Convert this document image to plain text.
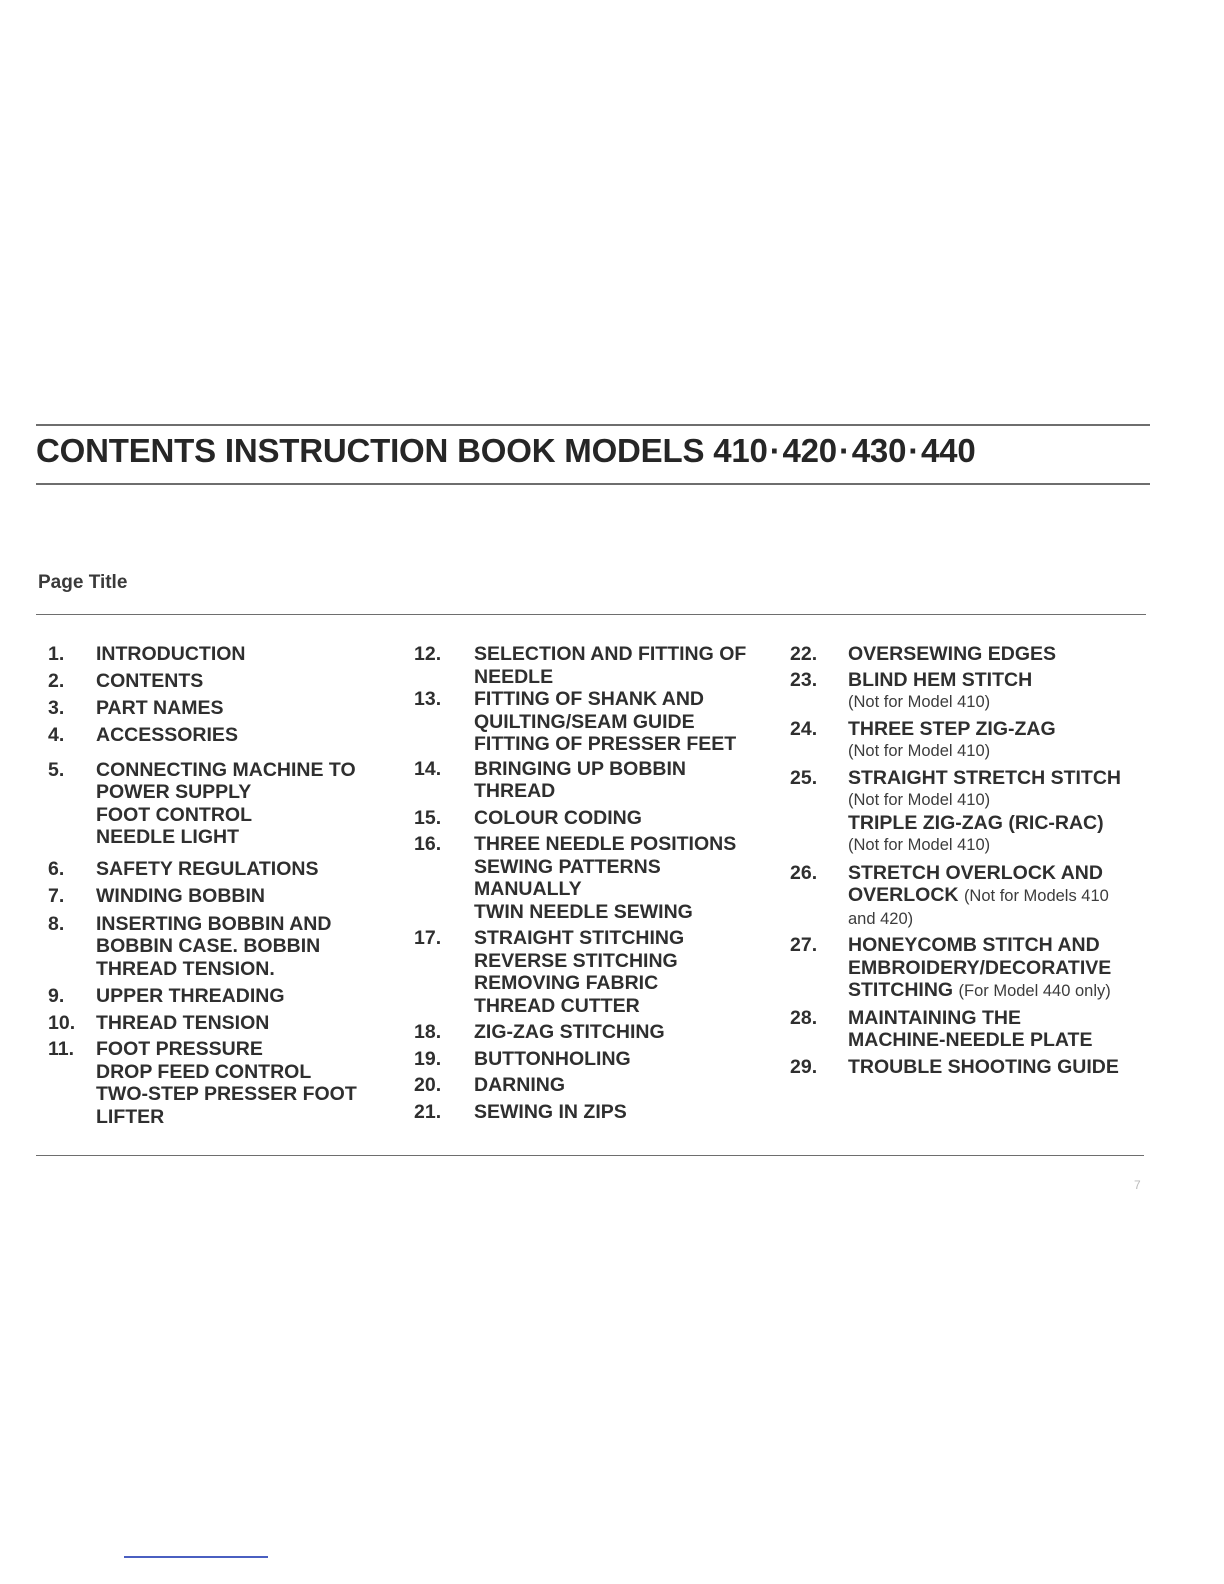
CONTENTS INSTRUCTION BOOK MODELS 410·420·430·440
Page Title
1. INTRODUCTION
2. CONTENTS
3. PART NAMES
4. ACCESSORIES
5. CONNECTING MACHINE TO
POWER SUPPLY
FOOT CONTROL
NEEDLE LIGHT
6. SAFETY REGULATIONS
7. WINDING BOBBIN
8. INSERTING BOBBIN AND
BOBBIN CASE. BOBBIN
THREAD TENSION.
9. UPPER THREADING
10. THREAD TENSION
11. FOOT PRESSURE
DROP FEED CONTROL
TWO-STEP PRESSER FOOT
LIFTER
12. SELECTION AND FITTING OF
NEEDLE
13. FITTING OF SHANK AND
QUILTING/SEAM GUIDE
FITTING OF PRESSER FEET
14. BRINGING UP BOBBIN
THREAD
15. COLOUR CODING
16. THREE NEEDLE POSITIONS
SEWING PATTERNS
MANUALLY
TWIN NEEDLE SEWING
17. STRAIGHT STITCHING
REVERSE STITCHING
REMOVING FABRIC
THREAD CUTTER
18. ZIG-ZAG STITCHING
19. BUTTONHOLING
20. DARNING
21. SEWING IN ZIPS
22. OVERSEWING EDGES
23. BLIND HEM STITCH
(Not for Model 410)
24. THREE STEP ZIG-ZAG
(Not for Model 410)
25. STRAIGHT STRETCH STITCH
(Not for Model 410)
TRIPLE ZIG-ZAG (RIC-RAC)
(Not for Model 410)
26. STRETCH OVERLOCK AND
OVERLOCK (Not for Models 410
and 420)
27. HONEYCOMB STITCH AND
EMBROIDERY/DECORATIVE
STITCHING (For Model 440 only)
28. MAINTAINING THE
MACHINE-NEEDLE PLATE
29. TROUBLE SHOOTING GUIDE
7
